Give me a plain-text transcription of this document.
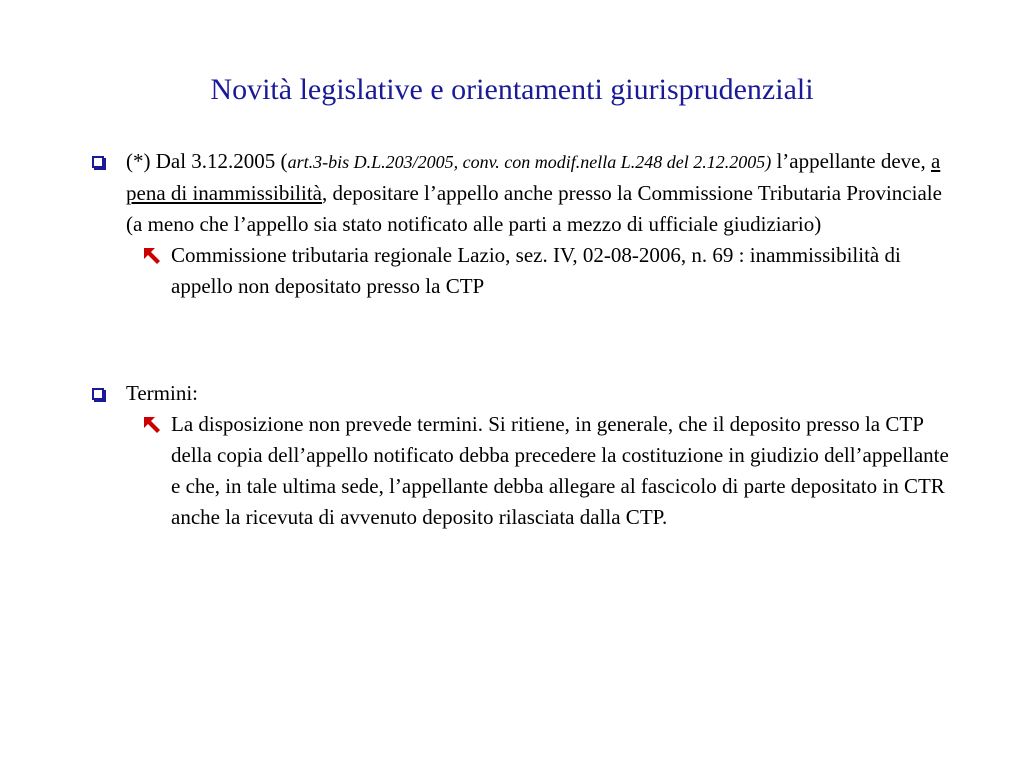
Novità legislative e orientamenti giurisprudenziali
(*) Dal 3.12.2005 (art.3-bis D.L.203/2005, conv. con modif.nella L.248 del 2.12.2005) l’appellante deve, a pena di inammissibilità, depositare l’appello anche presso la Commissione Tributaria Provinciale (a meno che l’appello sia stato notificato alle parti a mezzo di ufficiale giudiziario)
Commissione tributaria regionale Lazio, sez. IV, 02-08-2006, n. 69 : inammissibilità di appello non depositato presso la CTP
Termini:
La disposizione non prevede termini. Si ritiene, in generale, che il deposito presso la CTP della copia dell’appello notificato debba precedere la costituzione in giudizio dell’appellante e che, in tale ultima sede, l’appellante debba allegare al fascicolo di parte depositato in CTR anche la ricevuta di avvenuto deposito rilasciata dalla CTP.
